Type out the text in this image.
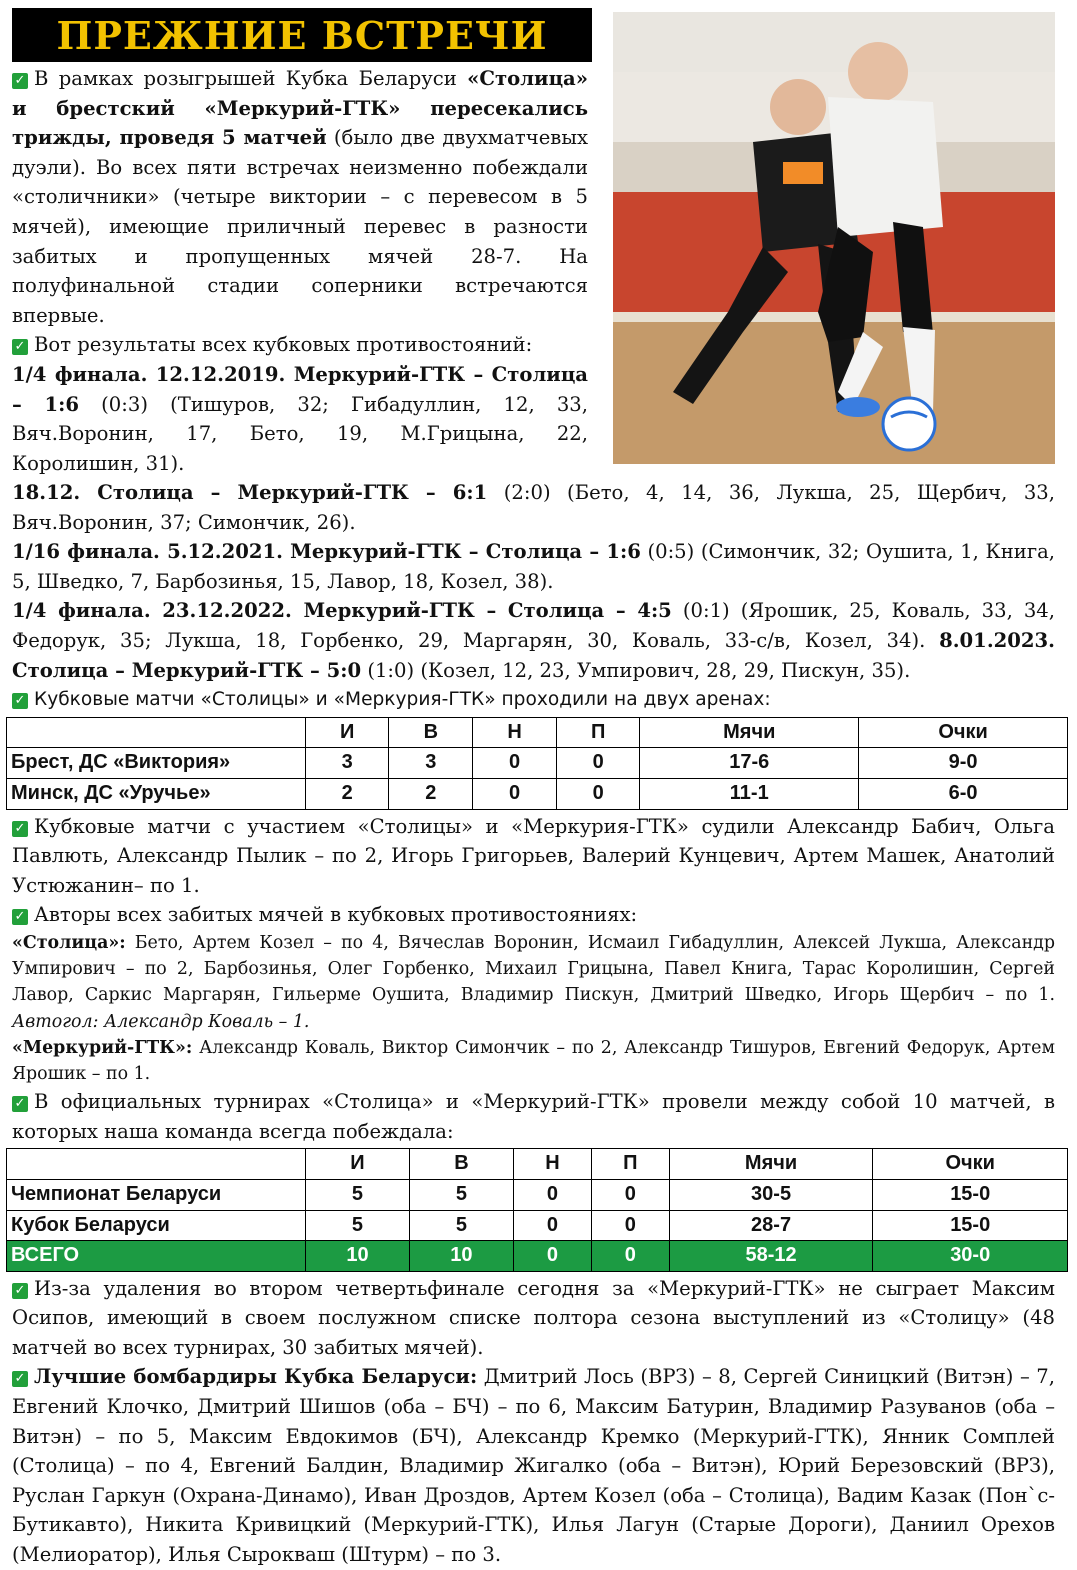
ПРЕЖНИЕ ВСТРЕЧИ

✓ В рамках розыгрышей Кубка Беларуси «Столица» и брестский «Меркурий-ГТК» пересекались трижды, проведя 5 матчей (было две двухматчевых дуэли). Во всех пяти встречах неизменно побеждали «столичники» (четыре виктории – с перевесом в 5 мячей), имеющие приличный перевес в разности забитых и пропущенных мячей 28-7. На полуфинальной стадии соперники встречаются впервые.

✓ Вот результаты всех кубковых противостояний:

1/4 финала. 12.12.2019. Меркурий-ГТК – Столица – 1:6 (0:3) (Тишуров, 32; Гибадуллин, 12, 33, Вяч.Воронин, 17, Бето, 19, М.Грицына, 22, Королишин, 31).

18.12. Столица – Меркурий-ГТК – 6:1 (2:0) (Бето, 4, 14, 36, Лукша, 25, Щербич, 33, Вяч.Воронин, 37; Симончик, 26).

1/16 финала. 5.12.2021. Меркурий-ГТК – Столица – 1:6 (0:5) (Симончик, 32; Оушита, 1, Книга, 5, Шведко, 7, Барбозинья, 15, Лавор, 18, Козел, 38).

1/4 финала. 23.12.2022. Меркурий-ГТК – Столица – 4:5 (0:1) (Ярошик, 25, Коваль, 33, 34, Федорук, 35; Лукша, 18, Горбенко, 29, Маргарян, 30, Коваль, 33-с/в, Козел, 34). 8.01.2023. Столица – Меркурий-ГТК – 5:0 (1:0) (Козел, 12, 23, Умпирович, 28, 29, Пискун, 35).

✓ Кубковые матчи «Столицы» и «Меркурия-ГТК» проходили на двух аренах:

	И	В	Н	П	Мячи	Очки
Брест, ДС «Виктория»	3	3	0	0	17-6	9-0
Минск, ДС «Уручье»	2	2	0	0	11-1	6-0

✓ Кубковые матчи с участием «Столицы» и «Меркурия-ГТК» судили Александр Бабич, Ольга Павлють, Александр Пылик – по 2, Игорь Григорьев, Валерий Кунцевич, Артем Машек, Анатолий Устюжанин– по 1.

✓ Авторы всех забитых мячей в кубковых противостояниях:

«Столица»: Бето, Артем Козел – по 4, Вячеслав Воронин, Исмаил Гибадуллин, Алексей Лукша, Александр Умпирович – по 2, Барбозинья, Олег Горбенко, Михаил Грицына, Павел Книга, Тарас Королишин, Сергей Лавор, Саркис Маргарян, Гильерме Оушита, Владимир Пискун, Дмитрий Шведко, Игорь Щербич – по 1. Автогол: Александр Коваль – 1.

«Меркурий-ГТК»: Александр Коваль, Виктор Симончик – по 2, Александр Тишуров, Евгений Федорук, Артем Ярошик – по 1.

✓ В официальных турнирах «Столица» и «Меркурий-ГТК» провели между собой 10 матчей, в которых наша команда всегда побеждала:

	И	В	Н	П	Мячи	Очки
Чемпионат Беларуси	5	5	0	0	30-5	15-0
Кубок Беларуси	5	5	0	0	28-7	15-0
ВСЕГО	10	10	0	0	58-12	30-0

✓ Из-за удаления во втором четвертьфинале сегодня за «Меркурий-ГТК» не сыграет Максим Осипов, имеющий в своем послужном списке полтора сезона выступлений из «Столицу» (48 матчей во всех турнирах, 30 забитых мячей).

✓ Лучшие бомбардиры Кубка Беларуси: Дмитрий Лось (ВРЗ) – 8, Сергей Синицкий (Витэн) – 7, Евгений Клочко, Дмитрий Шишов (оба – БЧ) – по 6, Максим Батурин, Владимир Разуванов (оба – Витэн) – по 5, Максим Евдокимов (БЧ), Александр Кремко (Меркурий-ГТК), Янник Сомплей (Столица) – по 4, Евгений Балдин, Владимир Жигалко (оба – Витэн), Юрий Березовский (ВРЗ), Руслан Гаркун (Охрана-Динамо), Иван Дроздов, Артем Козел (оба – Столица), Вадим Казак (Пон`с-Бутикавто), Никита Кривицкий (Меркурий-ГТК), Илья Лагун (Старые Дороги), Даниил Орехов (Мелиоратор), Илья Сырокваш (Штурм) – по 3.
